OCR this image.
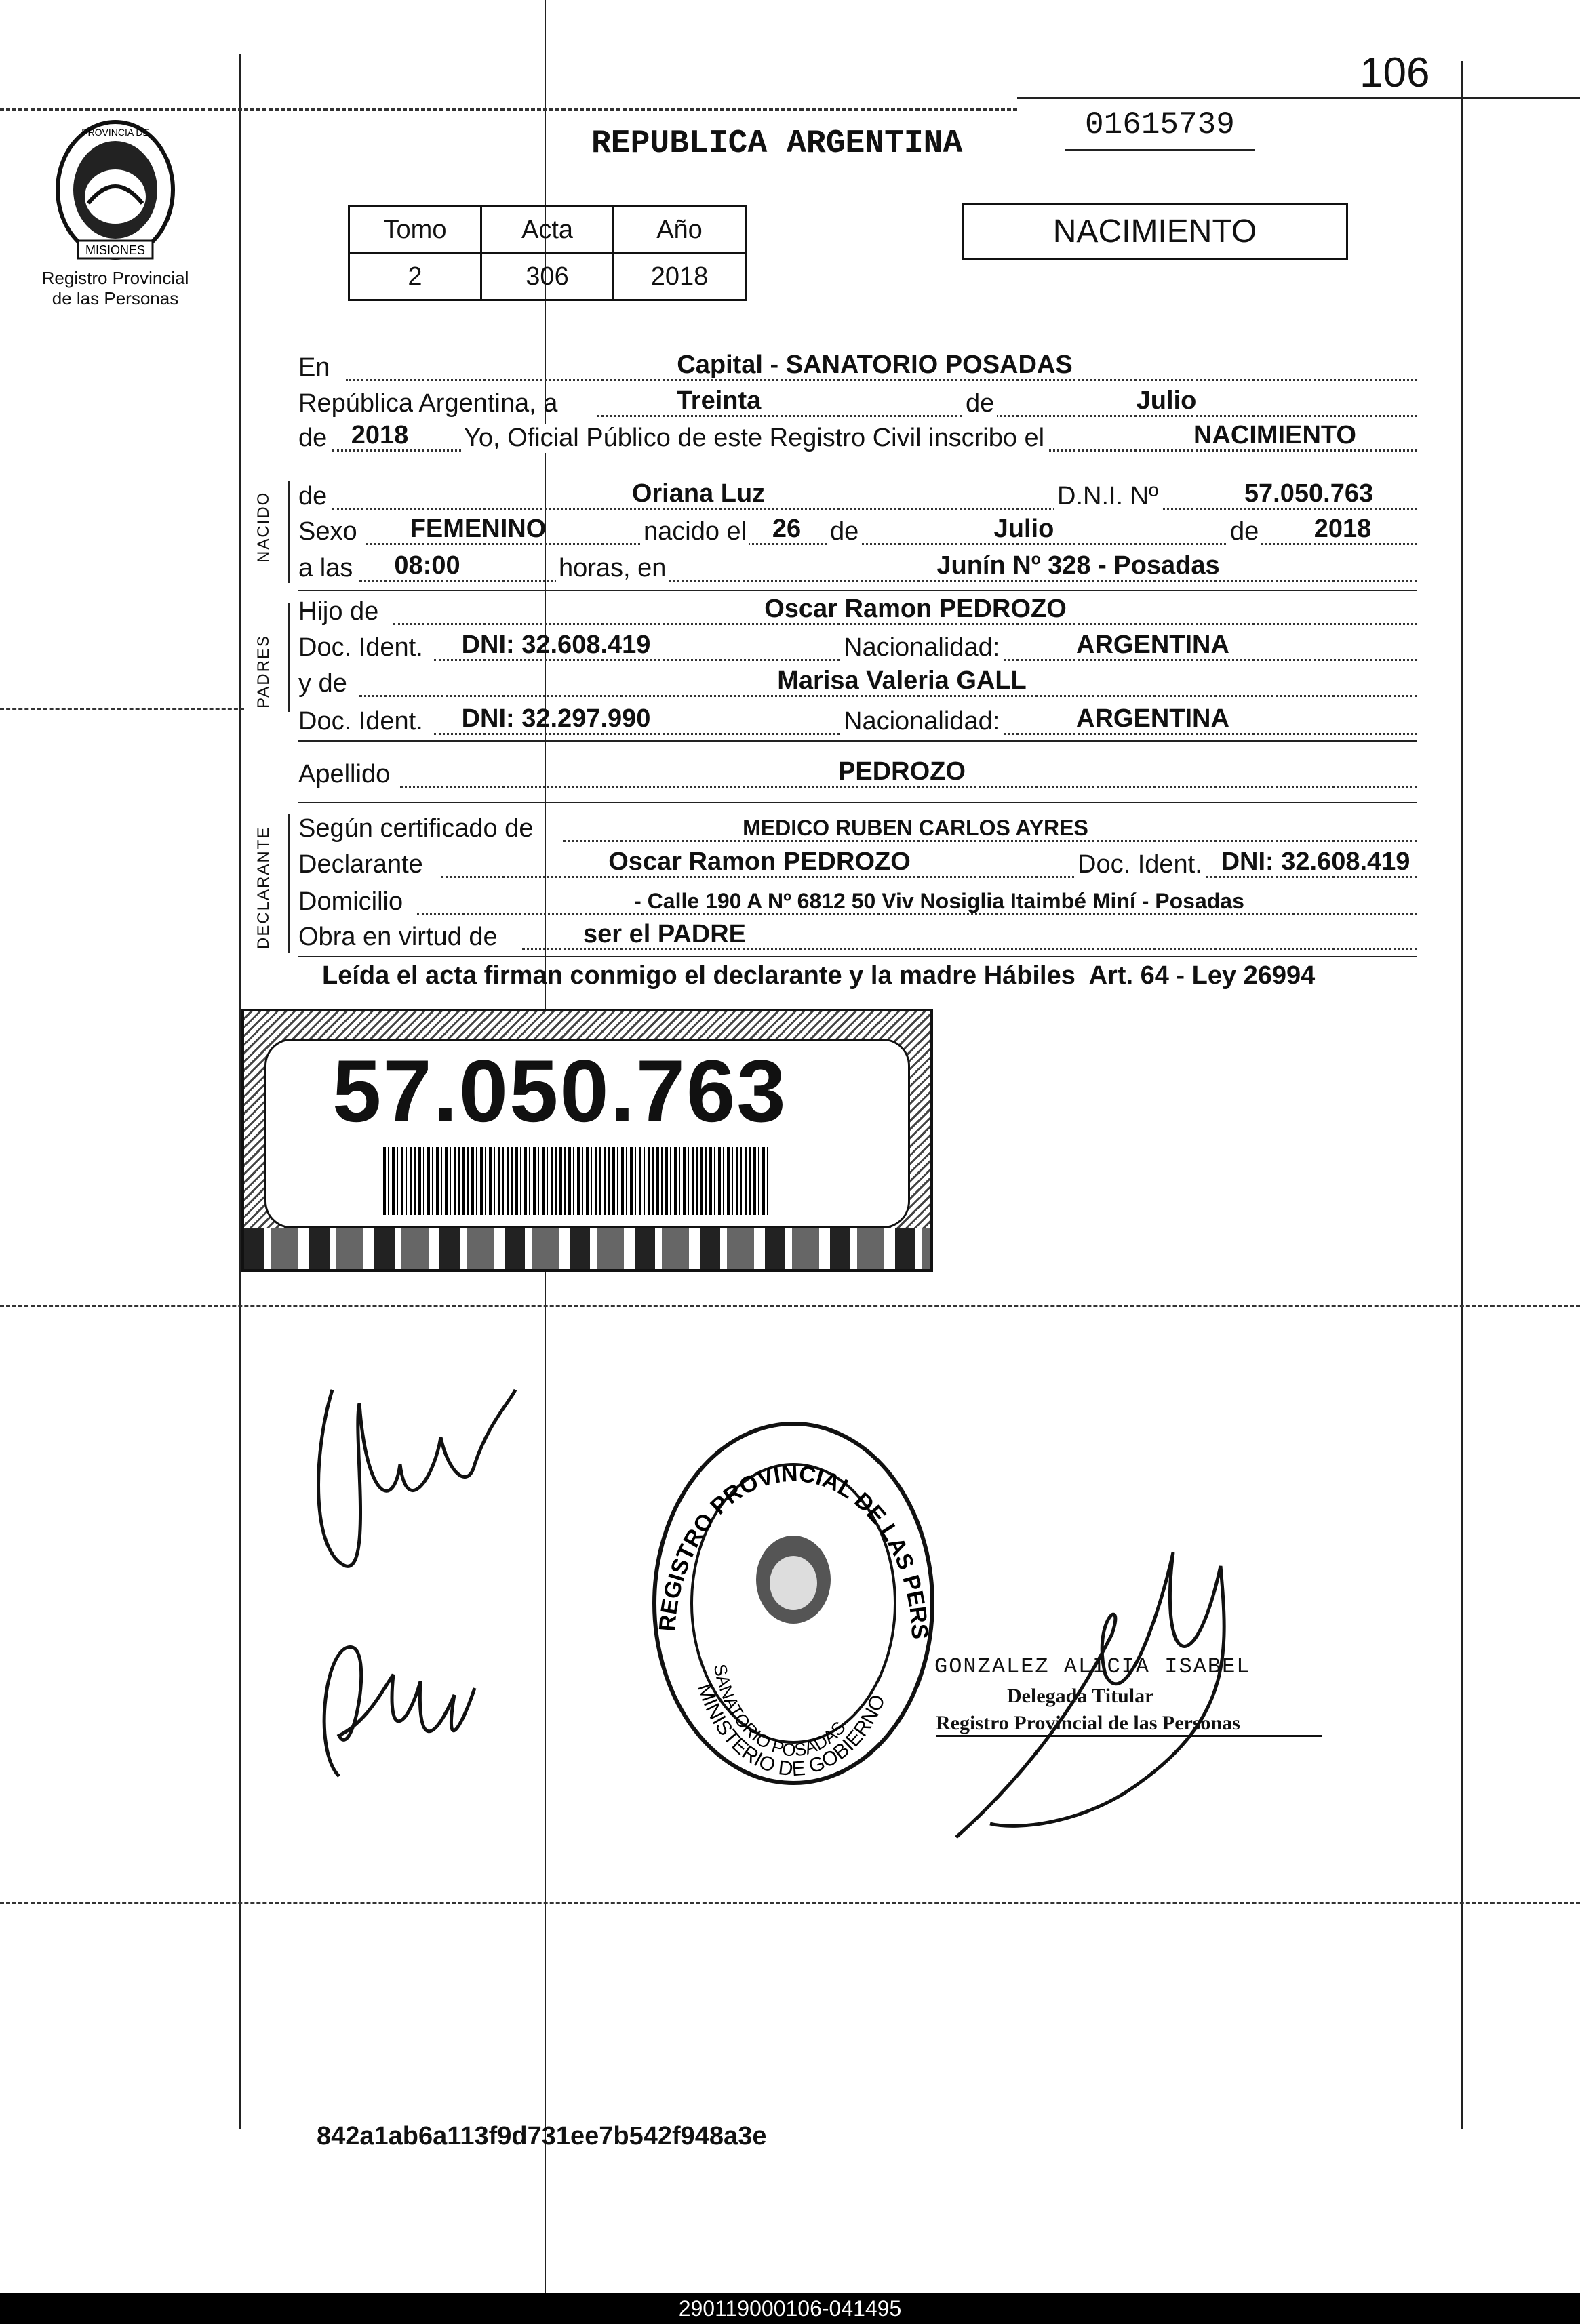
106
MISIONES
PROVINCIA DE
Registro Provincial de las Personas
REPUBLICA ARGENTINA
01615739
Tomo	Acta	Año
2	306	2018
NACIMIENTO
NACIDO
PADRES
DECLARANTE
En	Capital - SANATORIO POSADAS
República Argentina, a	Treinta	de	Julio
de 2018	Yo, Oficial Público de este Registro Civil inscribo el	NACIMIENTO
de	Oriana Luz	D.N.I. Nº	57.050.763
Sexo	FEMENINO	nacido el 26 de	Julio	de	2018
a las	08:00	horas, en	Junín Nº 328 - Posadas
Hijo de	Oscar Ramon PEDROZO
Doc. Ident.	DNI: 32.608.419	Nacionalidad:	ARGENTINA
y de	Marisa Valeria GALL
Doc. Ident.	DNI: 32.297.990	Nacionalidad:	ARGENTINA
Apellido	PEDROZO
Según certificado de	MEDICO RUBEN CARLOS AYRES
Declarante	Oscar Ramon PEDROZO	Doc. Ident. DNI: 32.608.419
Domicilio	- Calle 190 A Nº 6812 50 Viv Nosiglia Itaimbé Miní - Posadas
Obra en virtud de	ser el PADRE
Leída el acta firman conmigo el declarante y la madre Hábiles  Art. 64 - Ley 26994
57.050.763
REGISTRO PROVINCIAL DE LAS PERS
MINISTERIO DE GOBIERNO
SANATORIO POSADAS
GONZALEZ ALICIA ISABEL
Delegada Titular
Registro Provincial de las Personas
842a1ab6a113f9d731ee7b542f948a3e
290119000106-041495
